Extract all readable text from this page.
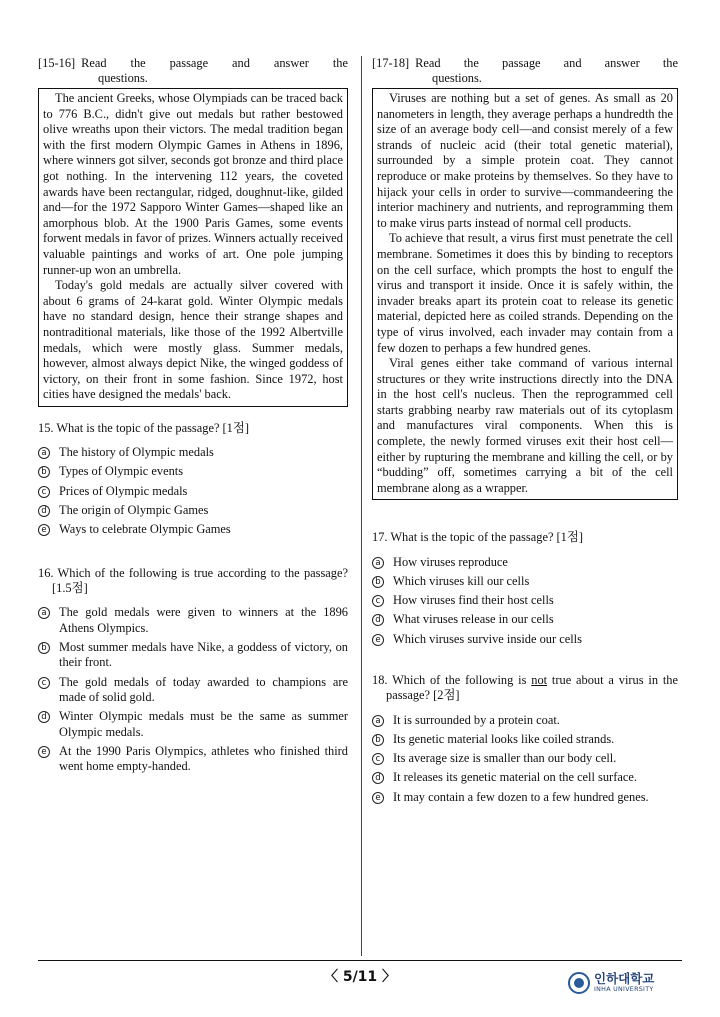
[15-16] Read the passage and answer the
questions.

The ancient Greeks, whose Olympiads can be traced back to 776 B.C., didn't give out medals but rather bestowed olive wreaths upon their victors. The medal tradition began with the first modern Olympic Games in Athens in 1896, where winners got silver, seconds got bronze and third place got nothing. In the intervening 112 years, the coveted awards have been rectangular, ridged, doughnut-like, gilded and—for the 1972 Sapporo Winter Games—shaped like an amorphous blob. At the 1900 Paris Games, some events forwent medals in favor of prizes. Winners actually received valuable paintings and works of art. One pole jumping runner-up won an umbrella.

Today's gold medals are actually silver covered with about 6 grams of 24-karat gold. Winter Olympic medals have no standard design, hence their strange shapes and nontraditional materials, like those of the 1992 Albertville medals, which were mostly glass. Summer medals, however, almost always depict Nike, the winged goddess of victory, on their front in some fashion. Since 1972, host cities have designed the medals' back.

15. What is the topic of the passage? [1점]
a The history of Olympic medals
b Types of Olympic events
c Prices of Olympic medals
d The origin of Olympic Games
e Ways to celebrate Olympic Games
16. Which of the following is true according to the passage? [1.5점]
a The gold medals were given to winners at the 1896 Athens Olympics.
b Most summer medals have Nike, a goddess of victory, on their front.
c The gold medals of today awarded to champions are made of solid gold.
d Winter Olympic medals must be the same as summer Olympic medals.
e At the 1990 Paris Olympics, athletes who finished third went home empty-handed.
[17-18] Read the passage and answer the
questions.

Viruses are nothing but a set of genes. As small as 20 nanometers in length, they average perhaps a hundredth the size of an average body cell—and consist merely of a few strands of nucleic acid (their total genetic material), surrounded by a simple protein coat. They cannot reproduce or make proteins by themselves. So they have to hijack your cells in order to survive—commandeering the interior machinery and nutrients, and reprogramming them to make virus parts instead of normal cell products.

To achieve that result, a virus first must penetrate the cell membrane. Sometimes it does this by binding to receptors on the cell surface, which prompts the host to engulf the virus and transport it inside. Once it is safely within, the invader breaks apart its protein coat to release its genetic material, depicted here as coiled strands. Depending on the type of virus involved, each invader may contain from a few dozen to perhaps a few hundred genes.

Viral genes either take command of various internal structures or they write instructions directly into the DNA in the host cell's nucleus. Then the reprogrammed cell starts grabbing nearby raw materials out of its cytoplasm and manufactures viral components. When this is complete, the newly formed viruses exit their host cell—either by rupturing the membrane and killing the cell, or by “budding” off, sometimes carrying a bit of the cell membrane along as a wrapper.

17. What is the topic of the passage? [1점]
a How viruses reproduce
b Which viruses kill our cells
c How viruses find their host cells
d What viruses release in our cells
e Which viruses survive inside our cells
18. Which of the following is not true about a virus in the passage? [2점]
a It is surrounded by a protein coat.
b Its genetic material looks like coiled strands.
c Its average size is smaller than our body cell.
d It releases its genetic material on the cell surface.
e It may contain a few dozen to a few hundred genes.
〈 5/11 〉	인하대학교
INHA UNIVERSITY
